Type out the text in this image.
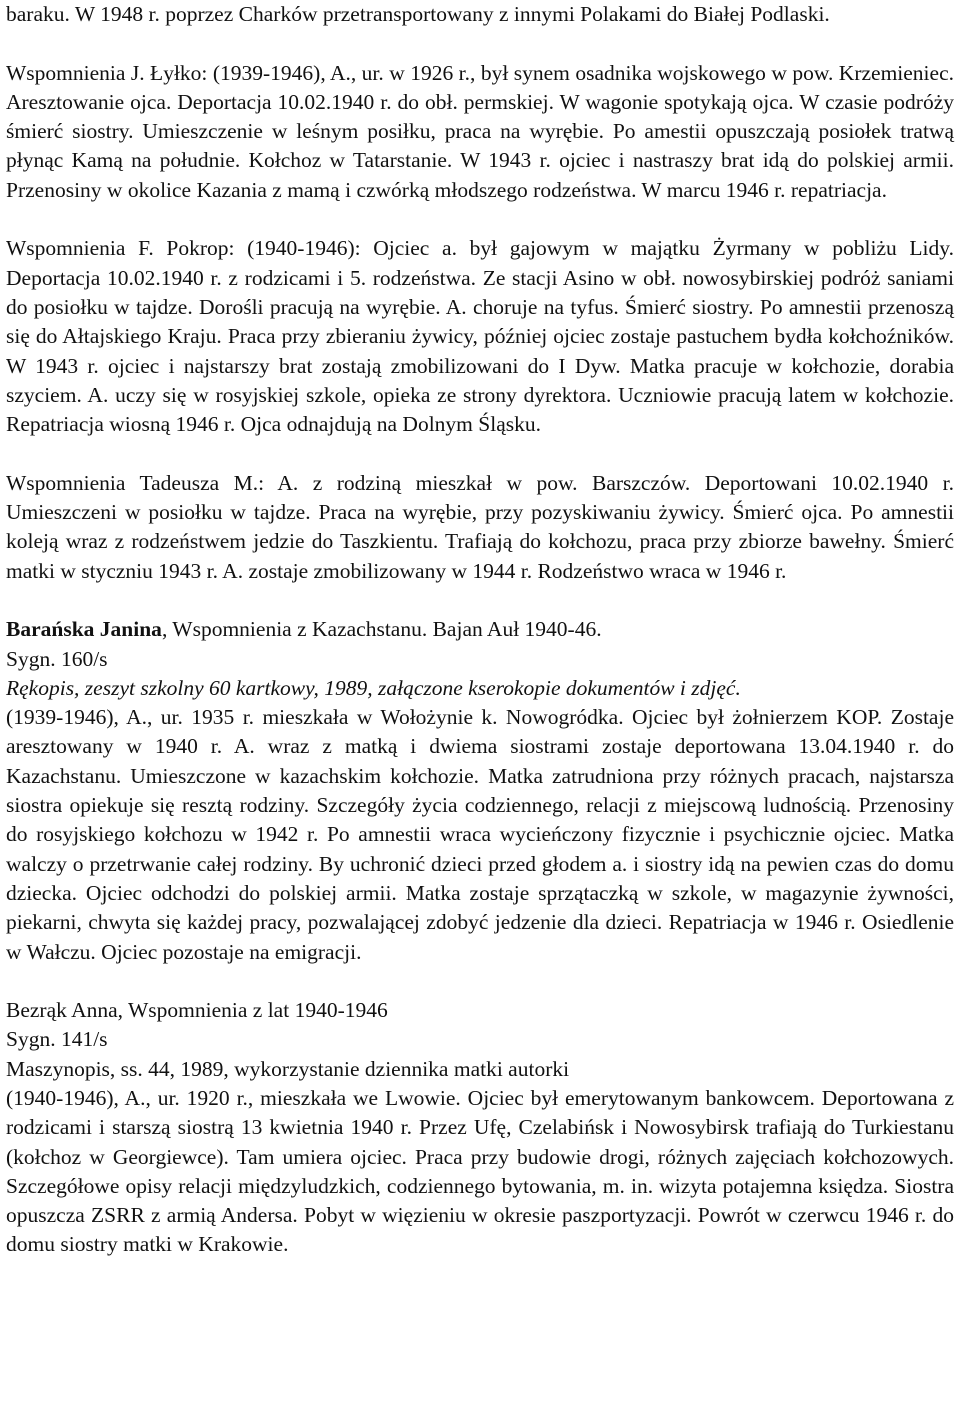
baraku. W 1948 r. poprzez Charków przetransportowany z innymi Polakami do Białej Podlaski.

Wspomnienia J. Łyłko: (1939-1946), A., ur. w 1926 r., był synem osadnika wojskowego w pow. Krzemieniec. Aresztowanie ojca. Deportacja 10.02.1940 r. do obł. permskiej. W wagonie spotykają ojca. W czasie podróży śmierć siostry. Umieszczenie w leśnym posiłku, praca na wyrębie. Po amestii opuszczają posiołek tratwą płynąc Kamą na południe. Kołchoz w Tatarstanie. W 1943 r. ojciec i nastraszy brat idą do polskiej armii. Przenosiny w okolice Kazania z mamą i czwórką młodszego rodzeństwa. W marcu 1946 r. repatriacja.

Wspomnienia F. Pokrop: (1940-1946): Ojciec a. był gajowym w majątku Żyrmany w pobliżu Lidy. Deportacja 10.02.1940 r. z rodzicami i 5. rodzeństwa. Ze stacji Asino w obł. nowosybirskiej podróż saniami do posiołku w tajdze. Dorośli pracują na wyrębie. A. choruje na tyfus. Śmierć siostry. Po amnestii przenoszą się do Ałtajskiego Kraju. Praca przy zbieraniu żywicy, później ojciec zostaje pastuchem bydła kołchoźników. W 1943 r. ojciec i najstarszy brat zostają zmobilizowani do I Dyw. Matka pracuje w kołchozie, dorabia szyciem. A. uczy się w rosyjskiej szkole, opieka ze strony dyrektora. Uczniowie pracują latem w kołchozie. Repatriacja wiosną 1946 r. Ojca odnajdują na Dolnym Śląsku.

Wspomnienia Tadeusza M.: A. z rodziną mieszkał w pow. Barszczów. Deportowani 10.02.1940 r. Umieszczeni w posiołku w tajdze. Praca na wyrębie, przy pozyskiwaniu żywicy. Śmierć ojca. Po amnestii koleją wraz z rodzeństwem jedzie do Taszkientu. Trafiają do kołchozu, praca przy zbiorze bawełny. Śmierć matki w styczniu 1943 r. A. zostaje zmobilizowany w 1944 r. Rodzeństwo wraca w 1946 r.

Barańska Janina, Wspomnienia z Kazachstanu. Bajan Auł 1940-46.

Sygn. 160/s

Rękopis, zeszyt szkolny 60 kartkowy, 1989, załączone kserokopie dokumentów i zdjęć.

(1939-1946), A., ur. 1935 r. mieszkała w Wołożynie k. Nowogródka. Ojciec był żołnierzem KOP. Zostaje aresztowany w 1940 r. A. wraz z matką i dwiema siostrami zostaje deportowana 13.04.1940 r. do Kazachstanu. Umieszczone w kazachskim kołchozie. Matka zatrudniona przy różnych pracach, najstarsza siostra opiekuje się resztą rodziny. Szczegóły życia codziennego, relacji z miejscową ludnością. Przenosiny do rosyjskiego kołchozu w 1942 r. Po amnestii wraca wycieńczony fizycznie i psychicznie ojciec. Matka walczy o przetrwanie całej rodziny. By uchronić dzieci przed głodem a. i siostry idą na pewien czas do domu dziecka. Ojciec odchodzi do polskiej armii. Matka zostaje sprzątaczką w szkole, w magazynie żywności, piekarni, chwyta się każdej pracy, pozwalającej zdobyć jedzenie dla dzieci. Repatriacja w 1946 r. Osiedlenie w Wałczu. Ojciec pozostaje na emigracji.

Bezrąk Anna, Wspomnienia z lat 1940-1946

Sygn. 141/s

Maszynopis, ss. 44, 1989, wykorzystanie dziennika matki autorki

(1940-1946), A., ur. 1920 r., mieszkała we Lwowie. Ojciec był emerytowanym bankowcem. Deportowana z rodzicami i starszą siostrą 13 kwietnia 1940 r. Przez Ufę, Czelabińsk i Nowosybirsk trafiają do Turkiestanu (kołchoz w Georgiewce). Tam umiera ojciec. Praca przy budowie drogi, różnych zajęciach kołchozowych. Szczegółowe opisy relacji międzyludzkich, codziennego bytowania, m. in. wizyta potajemna księdza. Siostra opuszcza ZSRR z armią Andersa. Pobyt w więzieniu w okresie paszportyzacji. Powrót w czerwcu 1946 r. do domu siostry matki w Krakowie.
